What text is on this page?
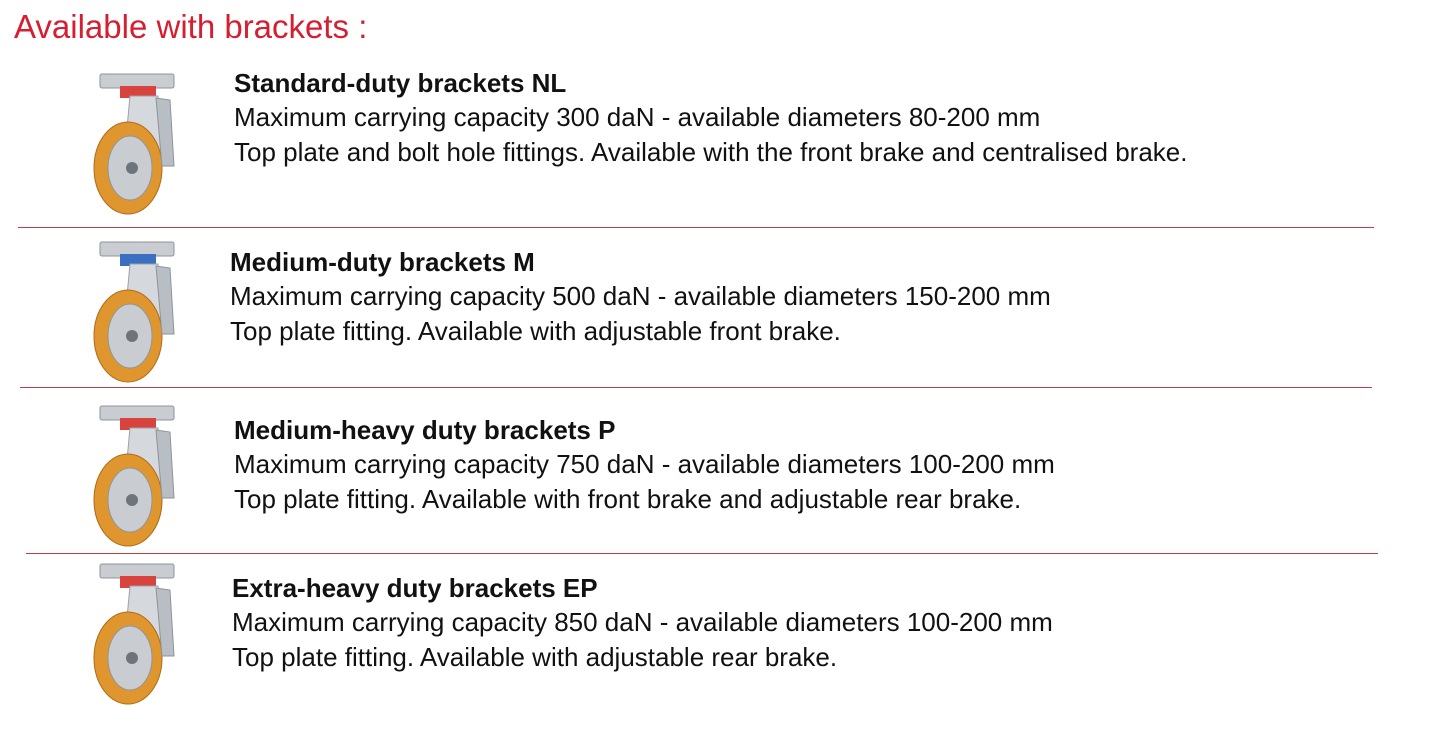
Available with brackets :
Standard-duty brackets NL
Maximum carrying capacity 300 daN - available diameters 80-200 mm
Top plate and bolt hole fittings. Available with the front brake and centralised brake.
Medium-duty brackets M
Maximum carrying capacity 500 daN - available diameters 150-200 mm
Top plate fitting. Available with adjustable front brake.
Medium-heavy duty brackets P
Maximum carrying capacity 750 daN - available diameters 100-200 mm
Top plate fitting. Available with front brake and adjustable rear brake.
Extra-heavy duty brackets EP
Maximum carrying capacity 850 daN - available diameters 100-200 mm
Top plate fitting. Available with adjustable rear brake.
